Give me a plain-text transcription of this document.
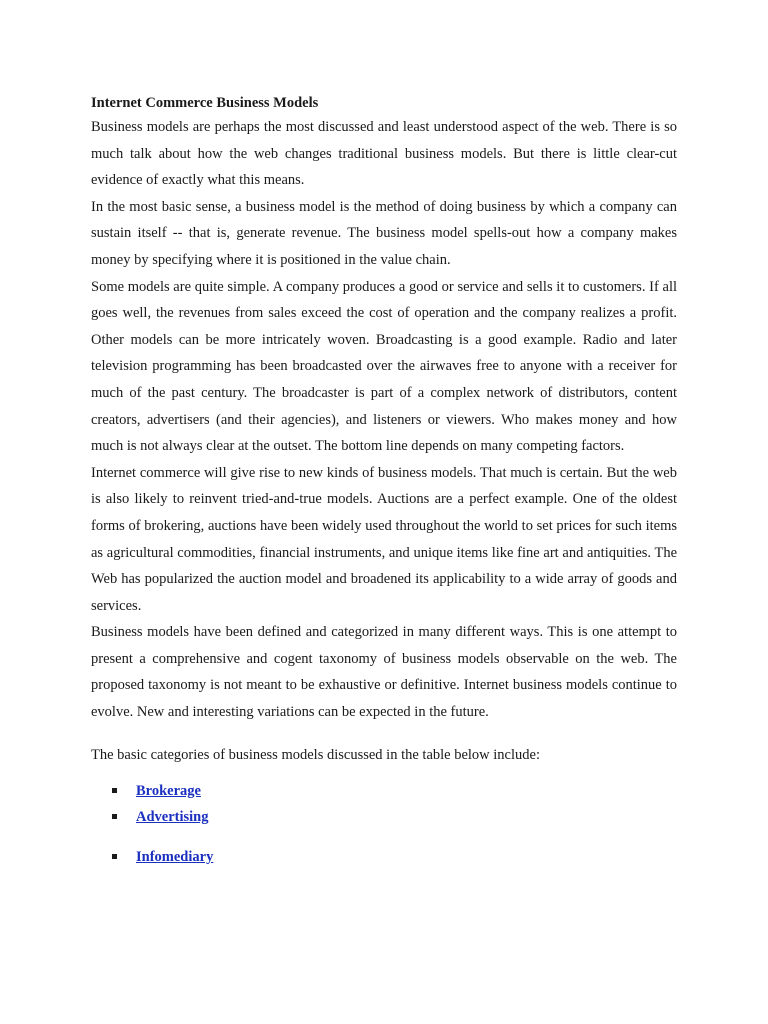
Internet Commerce Business Models

Business models are perhaps the most discussed and least understood aspect of the web. There is so much talk about how the web changes traditional business models. But there is little clear-cut evidence of exactly what this means.

In the most basic sense, a business model is the method of doing business by which a company can sustain itself -- that is, generate revenue. The business model spells-out how a company makes money by specifying where it is positioned in the value chain.

Some models are quite simple. A company produces a good or service and sells it to customers. If all goes well, the revenues from sales exceed the cost of operation and the company realizes a profit. Other models can be more intricately woven. Broadcasting is a good example. Radio and later television programming has been broadcasted over the airwaves free to anyone with a receiver for much of the past century. The broadcaster is part of a complex network of distributors, content creators, advertisers (and their agencies), and listeners or viewers. Who makes money and how much is not always clear at the outset. The bottom line depends on many competing factors.

Internet commerce will give rise to new kinds of business models. That much is certain. But the web is also likely to reinvent tried-and-true models. Auctions are a perfect example. One of the oldest forms of brokering, auctions have been widely used throughout the world to set prices for such items as agricultural commodities, financial instruments, and unique items like fine art and antiquities. The Web has popularized the auction model and broadened its applicability to a wide array of goods and services.

Business models have been defined and categorized in many different ways. This is one attempt to present a comprehensive and cogent taxonomy of business models observable on the web. The proposed taxonomy is not meant to be exhaustive or definitive. Internet business models continue to evolve. New and interesting variations can be expected in the future.

The basic categories of business models discussed in the table below include:

Brokerage
Advertising
Infomediary
